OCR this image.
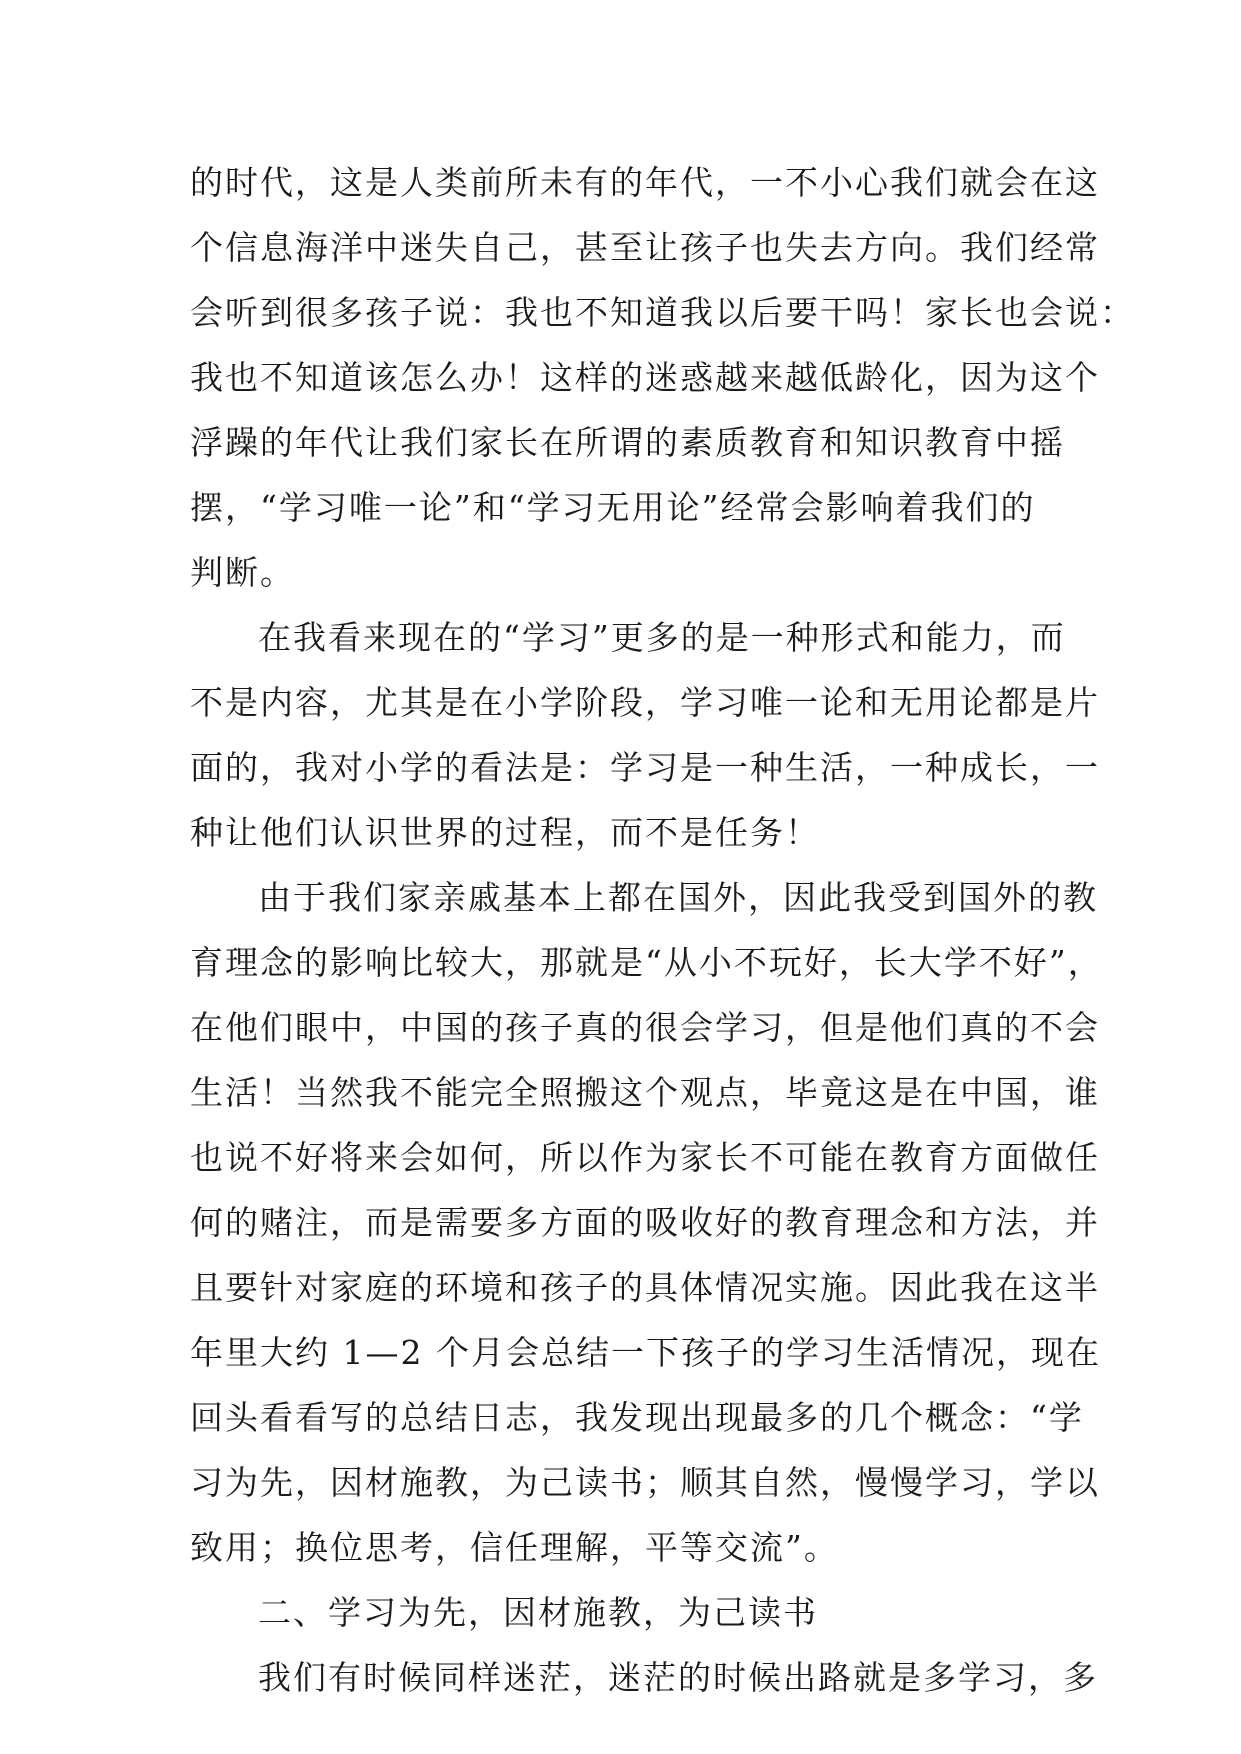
的时代，这是人类前所未有的年代，一不小心我们就会在这
个信息海洋中迷失自己，甚至让孩子也失去方向。我们经常
会听到很多孩子说：我也不知道我以后要干吗！家长也会说：
我也不知道该怎么办！这样的迷惑越来越低龄化，因为这个
浮躁的年代让我们家长在所谓的素质教育和知识教育中摇
摆，“学习唯一论”和“学习无用论”经常会影响着我们的
判断。
在我看来现在的“学习”更多的是一种形式和能力，而
不是内容，尤其是在小学阶段，学习唯一论和无用论都是片
面的，我对小学的看法是：学习是一种生活，一种成长，一
种让他们认识世界的过程，而不是任务！
由于我们家亲戚基本上都在国外，因此我受到国外的教
育理念的影响比较大，那就是“从小不玩好，长大学不好”，
在他们眼中，中国的孩子真的很会学习，但是他们真的不会
生活！当然我不能完全照搬这个观点，毕竟这是在中国，谁
也说不好将来会如何，所以作为家长不可能在教育方面做任
何的赌注，而是需要多方面的吸收好的教育理念和方法，并
且要针对家庭的环境和孩子的具体情况实施。因此我在这半
年里大约 1—2 个月会总结一下孩子的学习生活情况，现在
回头看看写的总结日志，我发现出现最多的几个概念：“学
习为先，因材施教，为己读书；顺其自然，慢慢学习，学以
致用；换位思考，信任理解，平等交流”。
二、学习为先，因材施教，为己读书
我们有时候同样迷茫，迷茫的时候出路就是多学习，多
